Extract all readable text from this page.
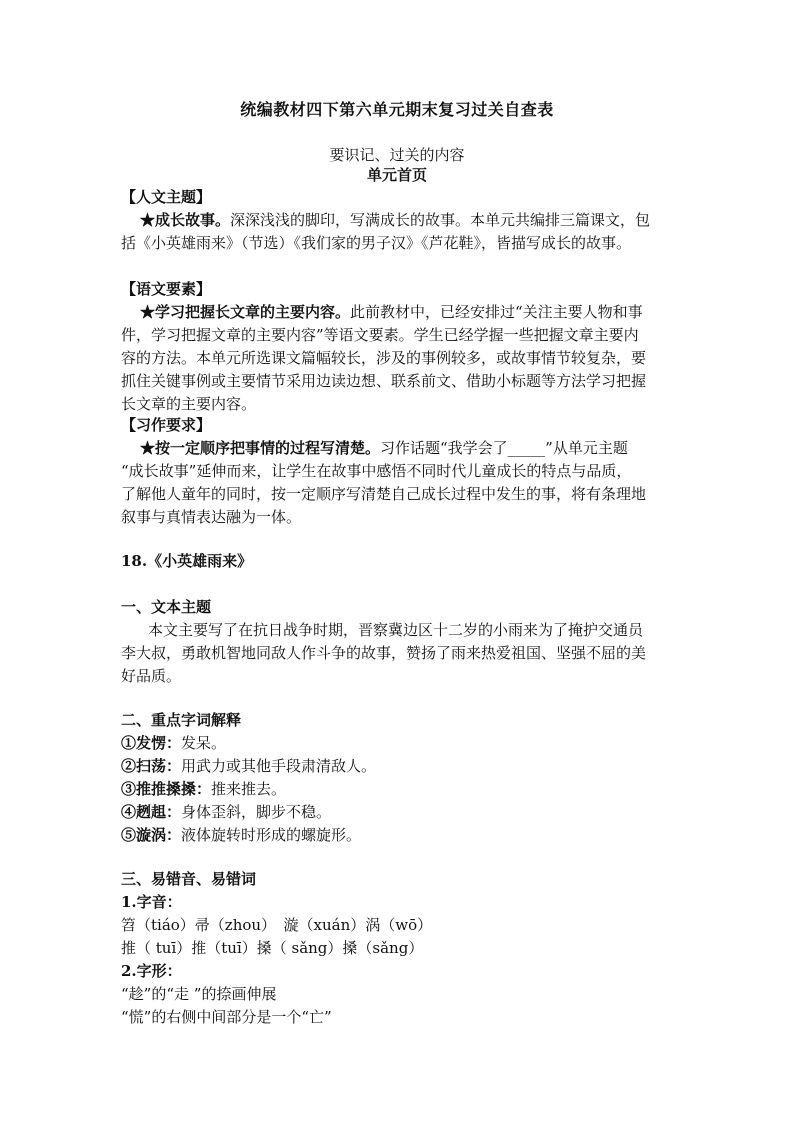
统编教材四下第六单元期末复习过关自查表
要识记、过关的内容
单元首页
【人文主题】
★成长故事。深深浅浅的脚印，写满成长的故事。本单元共编排三篇课文，包
括《小英雄雨来》（节选）《我们家的男子汉》《芦花鞋》，皆描写成长的故事。
【语文要素】
★学习把握长文章的主要内容。此前教材中，已经安排过“关注主要人物和事
件，学习把握文章的主要内容”等语文要素。学生已经学握一些把握文章主要内
容的方法。本单元所选课文篇幅较长，涉及的事例较多，或故事情节较复杂，要
抓住关键事例或主要情节采用边读边想、联系前文、借助小标题等方法学习把握
长文章的主要内容。
【习作要求】
★按一定顺序把事情的过程写清楚。习作话题“我学会了_____”从单元主题
“成长故事”延伸而来，让学生在故事中感悟不同时代儿童成长的特点与品质，
了解他人童年的同时，按一定顺序写清楚自己成长过程中发生的事，将有条理地
叙事与真情表达融为一体。
18.《小英雄雨来》
一、文本主题
本文主要写了在抗日战争时期，晋察冀边区十二岁的小雨来为了掩护交通员
李大叔，勇敢机智地同敌人作斗争的故事，赞扬了雨来热爱祖国、坚强不屈的美
好品质。
二、重点字词解释
①发愣：发呆。
②扫荡：用武力或其他手段肃清敌人。
③推推搡搡：推来推去。
④趔趄：身体歪斜，脚步不稳。
⑤漩涡：液体旋转时形成的螺旋形。
三、易错音、易错词
1.字音：
笤（tiáo）帚（zhou）　漩（xuán）涡（wō）
推（ tuī）推（tuī）搡（ sǎng）搡（sǎng）
2.字形：
“趁”的“走 ”的捺画伸展
“慌”的右侧中间部分是一个“亡”
